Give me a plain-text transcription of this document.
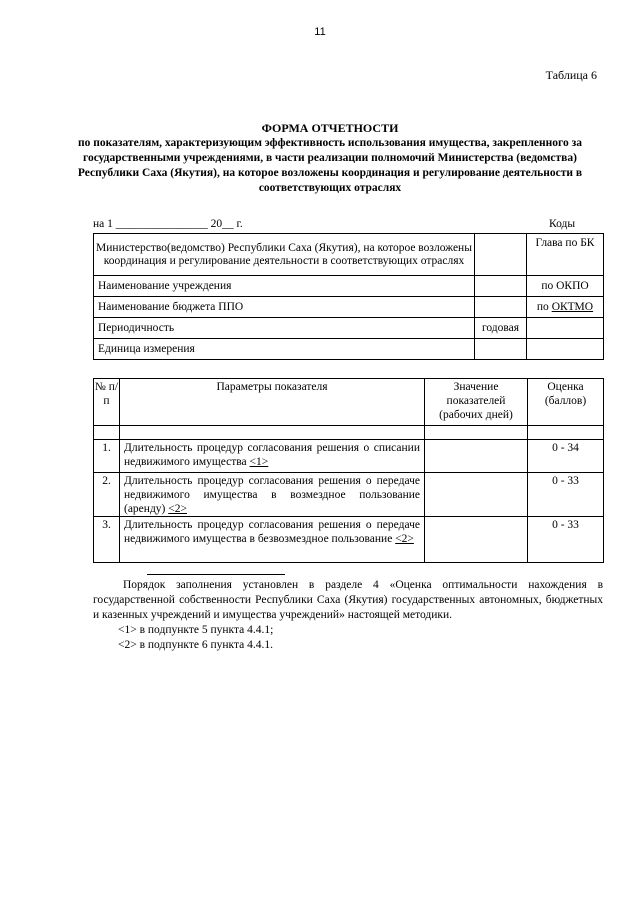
11
Таблица 6
ФОРМА ОТЧЕТНОСТИ
по показателям, характеризующим эффективность использования имущества, закрепленного за государственными учреждениями, в части реализации полномочий Министерства (ведомства) Республики Саха (Якутия), на которое возложены координация и регулирование деятельности в соответствующих отраслях
на 1 ________________ 20__ г.	Коды
Министерство(ведомство) Республики Саха (Якутия), на которое возложены координация и регулирование деятельности в соответствующих отраслях		Глава по БК
Наименование учреждения		по ОКПО
Наименование бюджета ППО		по ОКТМО
Периодичность	годовая	
Единица измерения		
№ п/п	Параметры показателя	Значение показателей (рабочих дней)	Оценка (баллов)

1.	Длительность процедур согласования решения о списании недвижимого имущества <1>		0 - 34
2.	Длительность процедур согласования решения о передаче недвижимого имущества в возмездное пользование (аренду) <2>		0 - 33
3.	Длительность процедур согласования решения о передаче недвижимого имущества в безвозмездное пользование <2>		0 - 33

Порядок заполнения установлен в разделе 4 «Оценка оптимальности нахождения в государственной собственности Республики Саха (Якутия) государственных автономных, бюджетных и казенных учреждений и имущества учреждений» настоящей методики.

<1> в подпункте 5 пункта 4.4.1;

<2> в подпункте 6 пункта 4.4.1.
